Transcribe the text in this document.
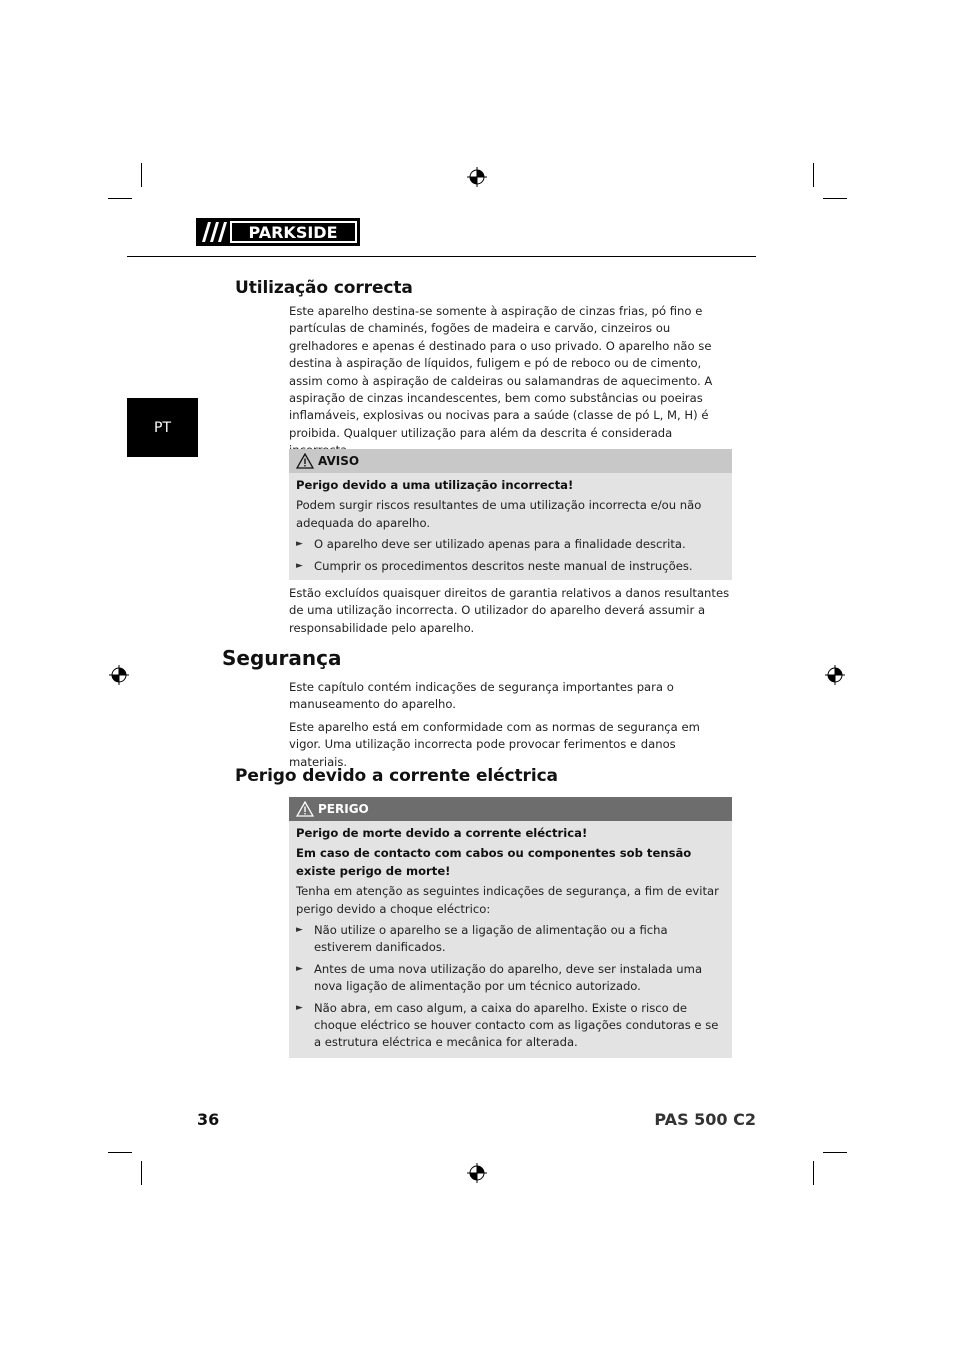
PARKSIDE
PT
Utilização correcta
Este aparelho destina-se somente à aspiração de cinzas frias, pó fino e partículas de chaminés, fogões de madeira e carvão, cinzeiros ou grelhadores e apenas é destinado para o uso privado. O aparelho não se destina à aspiração de líquidos, fuligem e pó de reboco ou de cimento, assim como à aspiração de caldeiras ou salamandras de aquecimento. A aspiração de cinzas incandescentes, bem como substâncias ou poeiras inflamáveis, explosivas ou nocivas para a saúde (classe de pó L, M, H) é proibida. Qualquer utilização para além da descrita é considerada
AVISO
Perigo devido a uma utilização incorrecta!

Podem surgir riscos resultantes de uma utilização incorrecta e/ou não adequada do aparelho.

► O aparelho deve ser utilizado apenas para a finalidade descrita.
► Cumprir os procedimentos descritos neste manual de instruções.
Estão excluídos quaisquer direitos de garantia relativos a danos resultantes de uma utilização incorrecta. O utilizador do aparelho deverá assumir a responsabilidade pelo aparelho.
Segurança
Este capítulo contém indicações de segurança importantes para o manuseamento do aparelho.
Este aparelho está em conformidade com as normas de segurança em vigor. Uma utilização incorrecta pode provocar ferimentos e danos materiais.
Perigo devido a corrente eléctrica
PERIGO
Perigo de morte devido a corrente eléctrica!
Em caso de contacto com cabos ou componentes sob tensão existe perigo de morte!

Tenha em atenção as seguintes indicações de segurança, a fim de evitar perigo devido a choque eléctrico:

► Não utilize o aparelho se a ligação de alimentação ou a ficha estiverem danificados.
► Antes de uma nova utilização do aparelho, deve ser instalada uma nova ligação de alimentação por um técnico autorizado.
► Não abra, em caso algum, a caixa do aparelho. Existe o risco de choque eléctrico se houver contacto com as ligações condutoras e se a estrutura eléctrica e mecânica for alterada.
36	PAS 500 C2
